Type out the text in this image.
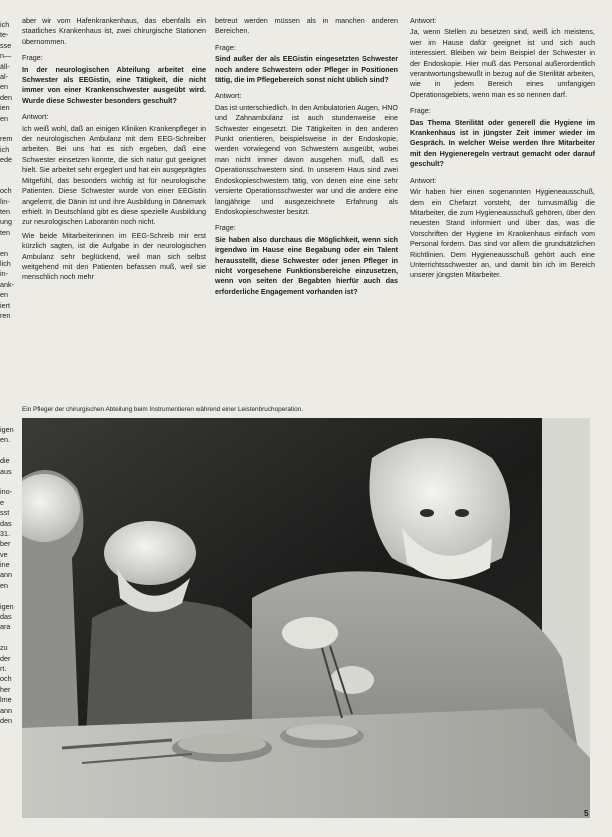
ich
te-
sse
n—
äll-
al-
en
den
ien
en
rem
ich
ede
och
lin-
ten
ung
ten
en
lich
in-
ank-
en
iert
ren
igen
en.
die
aus
ino-
e
sst
das
31.
ber
ve
ine
ann
en
igen
das
ara
zu
der
rt.
och
her
lme
ann
den

aber wir vom Hafenkrankenhaus, das ebenfalls ein staatliches Krankenhaus ist, zwei chirurgische Stationen übernommen.

Frage:

In der neurologischen Abteilung arbeitet eine Schwester als EEGistin, eine Tätigkeit, die nicht immer von einer Krankenschwester ausgeübt wird. Wurde diese Schwester besonders geschult?

Antwort:

Ich weiß wohl, daß an einigen Kliniken Krankenpfleger in der neurologischen Ambulanz mit dem EEG-Schreiber arbeiten. Bei uns hat es sich ergeben, daß eine Schwester einsetzen konnte, die sich natur gut geeignet hielt. Sie arbeitet sehr ergeglert und hat ein ausgeprägtes Mitgefühl, das besonders wichtig ist für neurologische Patienten. Diese Schwester wurde von einer EEGistin angelernt, die Dänin ist und ihre Ausbildung in Dänemark erhielt. In Deutschland gibt es diese spezielle Ausbildung zur neurologischen Laborantin noch nicht.

Wie beide Mitarbeiterinnen im EEG-Schreib mir erst kürzlich sagten, ist die Aufgabe in der neurologischen Ambulanz sehr beglückend, weil man sich selbst weitgehend mit den Patienten befassen muß, weil sie menschlich noch mehr

betreut werden müssen als in manchen anderen Bereichen.

Frage:

Sind außer der als EEGistin eingesetzten Schwester noch andere Schwestern oder Pfleger in Positionen tätig, die im Pflegebereich sonst nicht üblich sind?

Antwort:

Das ist unterschiedlich. In den Ambulatorien Augen, HNO und Zahnambulanz ist auch stundenweise eine Schwester eingesetzt. Die Tätigkeiten in den anderen Punkt orientieren, beispielsweise in der Endoskopie, werden vorwiegend von Schwestern ausgeübt, wobei man nicht immer davon ausgehen muß, daß es Operationsschwestern sind. In unserem Haus sind zwei Endoskopieschwestern tätig, von denen eine eine sehr versierte Operationsschwester war und die andere eine langjährige und ausgezeichnete Erfahrung als Endoskopieschwester besitzt.

Frage:

Sie haben also durchaus die Möglichkeit, wenn sich irgendwo im Hause eine Begabung oder ein Talent herausstellt, diese Schwester oder jenen Pfleger in nicht vorgesehene Funktionsbereiche einzusetzen, wenn von seiten der Begabten hierfür auch das erforderliche Engagement vorhanden ist?

Antwort:

Ja, wenn Stellen zu besetzen sind, weiß ich meistens, wer im Hause dafür geeignet ist und sich auch interessiert. Bleiben wir beim Beispiel der Schwester in der Endoskopie. Hier muß das Personal außerordentlich verantwortungsbewußt in bezug auf die Sterilität arbeiten, wie in jedem Bereich eines umfangigen Operationsgebiets, wenn man es so nennen darf.

Frage:

Das Thema Sterilität oder generell die Hygiene im Krankenhaus ist in jüngster Zeit immer wieder im Gespräch. In welcher Weise werden Ihre Mitarbeiter mit den Hygieneregeln vertraut gemacht oder darauf geschult?

Antwort:

Wir haben hier einen sogenannten Hygieneausschuß, dem ein Chefarzt vorsteht, der turnusmäßig die Mitarbeiter, die zum Hygieneausschuß gehören, über den neuesten Stand informiert und über das, was die Vorschriften der Hygiene im Krankenhaus einfach vom Personal fordern. Das sind vor allem die grundsätzlichen Richtlinien. Dem Hygieneausschuß gehört auch eine Unterrichtsschwester an, und damit bin ich im Bereich unserer jüngsten Mitarbeiter.

Ein Pfleger der chirurgischen Abteilung beim Instrumentieren während einer Leistenbruchoperation.
5
